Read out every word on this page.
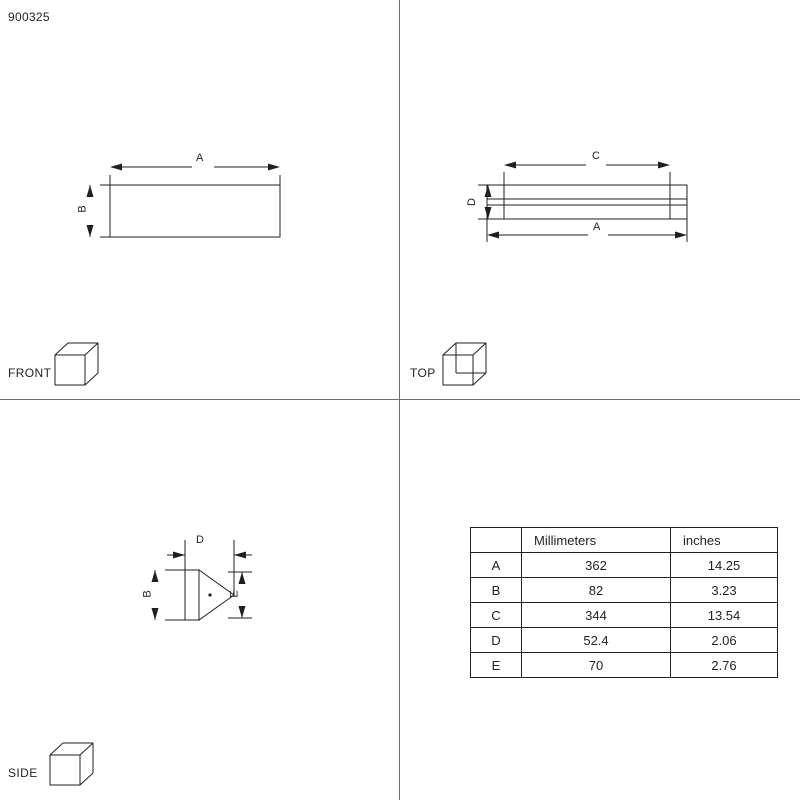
900325
A
B
FRONT
C
A
D
TOP
D
B	E
SIDE
	Millimeters	inches
A	362	14.25
B	82	3.23
C	344	13.54
D	52.4	2.06
E	70	2.76
